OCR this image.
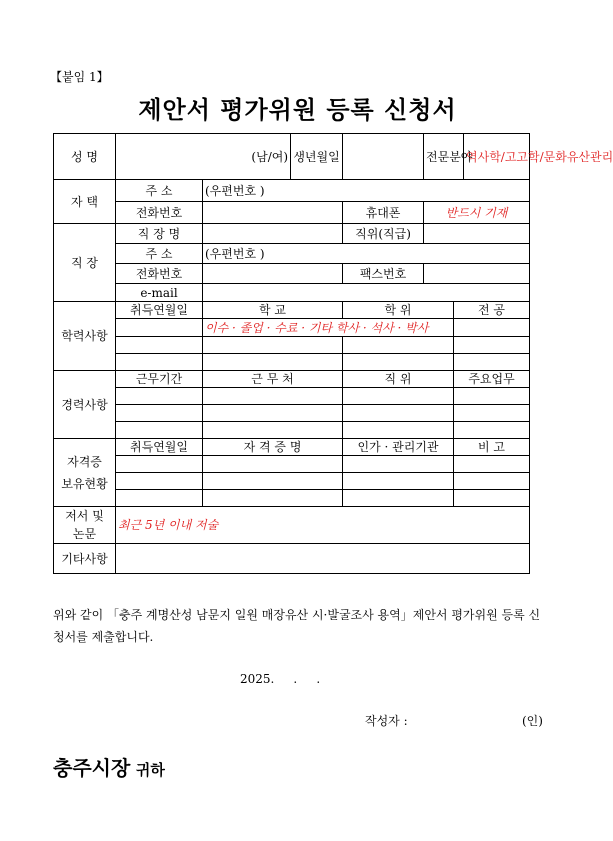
【붙임 1】
제안서 평가위원 등록 신청서
성 명	(남/여)		생년월일		전문분야		역사학/고고학/문화유산관리
자 택	주 소	(우편번호 )					
	전화번호			휴대폰	반드시 기재		
직 장	직 장 명			직위(직급)			
	주 소	(우편번호 )					
	전화번호			팩스번호			
	e-mail						
학력사항	취득연월일	학 교		학 위		전 공	
		이수 · 졸업 · 수료 · 기타 학사 · 석사 · 박사					

경력사항	근무기간	근 무 처		직 위		주요업무	

자격증
보유현황	취득연월일	자 격 증 명		인가 · 관리기관		비 고	

저서 및
논문	최근 5년 이내 저술						
기타사항							
위와 같이 「충주 계명산성 남문지 일원 매장유산 시·발굴조사 용역」제안서 평가위원 등록 신청서를 제출합니다.
2025.     .     .
작성자 :	(인)
충주시장 귀하
